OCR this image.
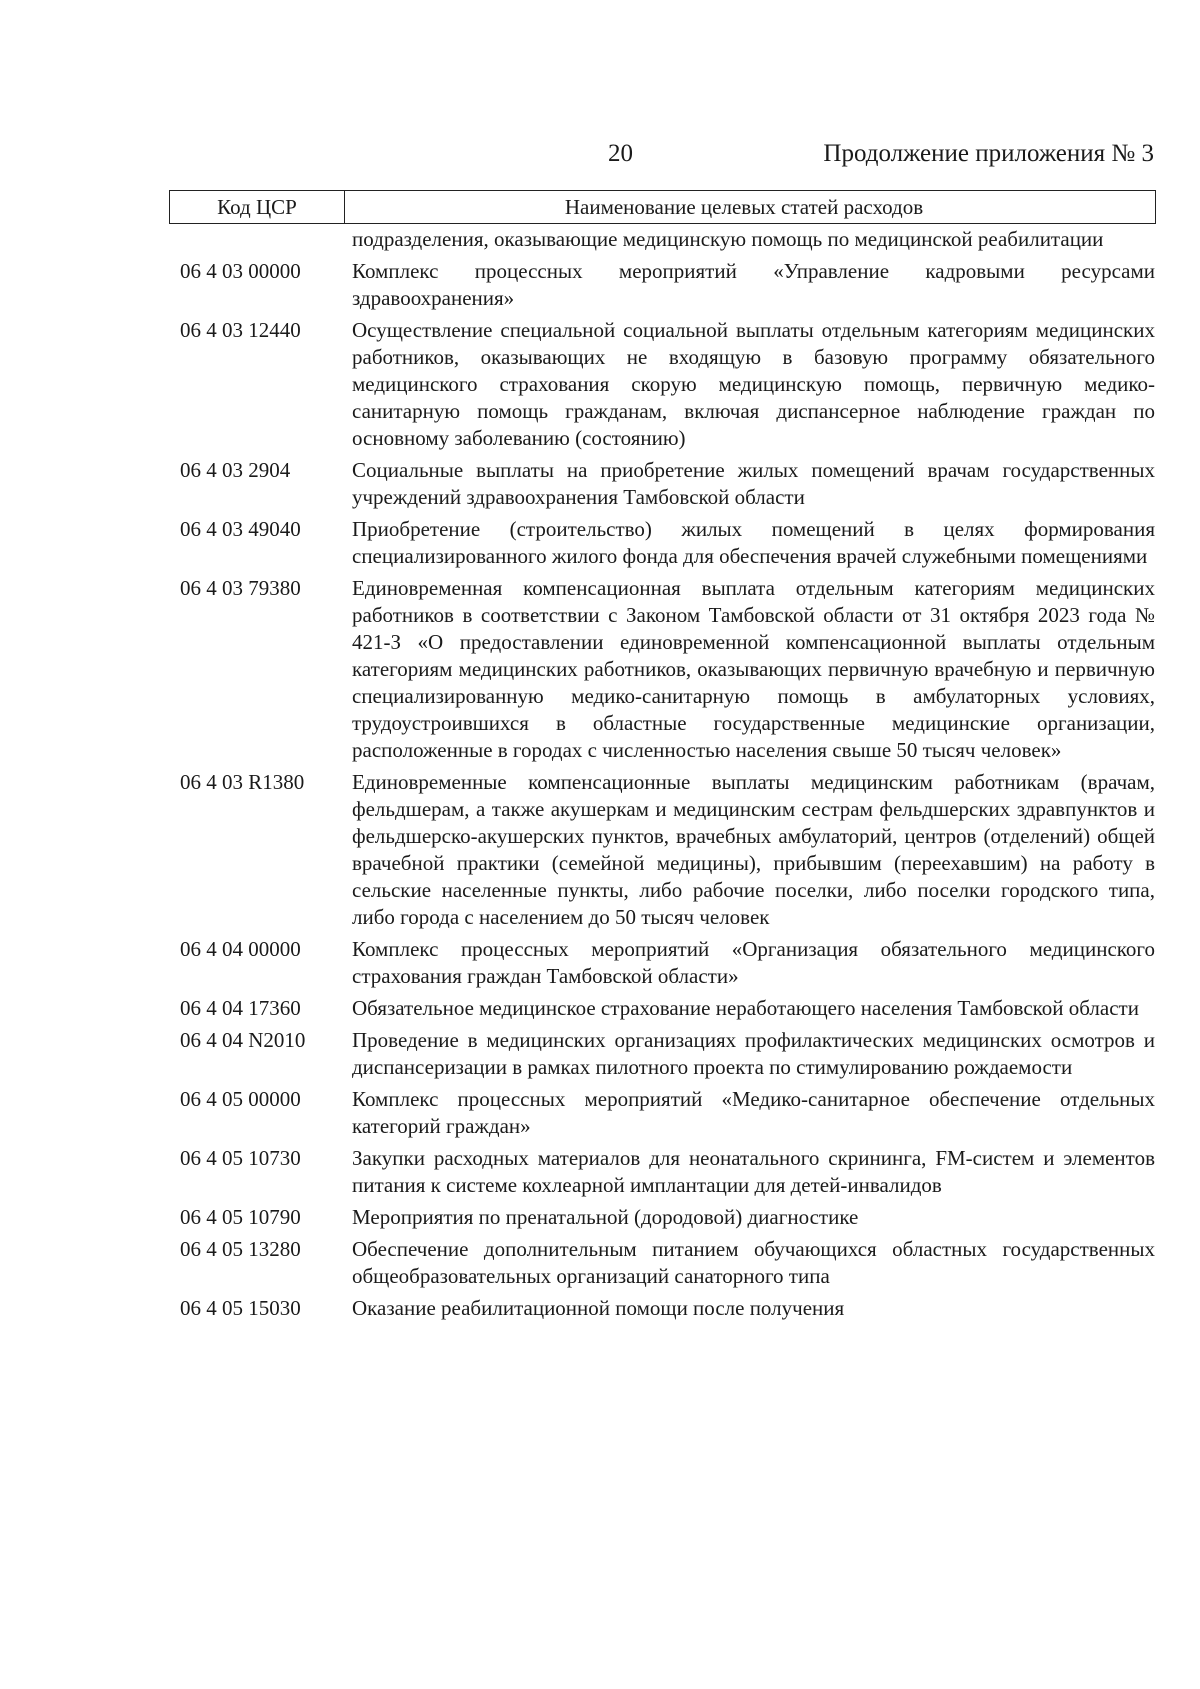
20	Продолжение приложения № 3
Код ЦСР	Наименование целевых статей расходов
подразделения, оказывающие медицинскую помощь по медицинской реабилитации
06 4 03 00000	Комплекс процессных мероприятий «Управление кадровыми ресурсами здравоохранения»
06 4 03 12440	Осуществление специальной социальной выплаты отдельным категориям медицинских работников, оказывающих не входящую в базовую программу обязательного медицинского страхования скорую медицинскую помощь, первичную медико-санитарную помощь гражданам, включая диспансерное наблюдение граждан по основному заболеванию (состоянию)
06 4 03 2904	Социальные выплаты на приобретение жилых помещений врачам государственных учреждений здравоохранения Тамбовской области
06 4 03 49040	Приобретение (строительство) жилых помещений в целях формирования специализированного жилого фонда для обеспечения врачей служебными помещениями
06 4 03 79380	Единовременная компенсационная выплата отдельным категориям медицинских работников в соответствии с Законом Тамбовской области от 31 октября 2023 года № 421-З «О предоставлении единовременной компенсационной выплаты отдельным категориям медицинских работников, оказывающих первичную врачебную и первичную специализированную медико-санитарную помощь в амбулаторных условиях, трудоустроившихся в областные государственные медицинские организации, расположенные в городах с численностью населения свыше 50 тысяч человек»
06 4 03 R1380	Единовременные компенсационные выплаты медицинским работникам (врачам, фельдшерам, а также акушеркам и медицинским сестрам фельдшерских здравпунктов и фельдшерско-акушерских пунктов, врачебных амбулаторий, центров (отделений) общей врачебной практики (семейной медицины), прибывшим (переехавшим) на работу в сельские населенные пункты, либо рабочие поселки, либо поселки городского типа, либо города с населением до 50 тысяч человек
06 4 04 00000	Комплекс процессных мероприятий «Организация обязательного медицинского страхования граждан Тамбовской области»
06 4 04 17360	Обязательное медицинское страхование неработающего населения Тамбовской области
06 4 04 N2010	Проведение в медицинских организациях профилактических медицинских осмотров и диспансеризации в рамках пилотного проекта по стимулированию рождаемости
06 4 05 00000	Комплекс процессных мероприятий «Медико-санитарное обеспечение отдельных категорий граждан»
06 4 05 10730	Закупки расходных материалов для неонатального скрининга, FM-систем и элементов питания к системе кохлеарной имплантации для детей-инвалидов
06 4 05 10790	Мероприятия по пренатальной (дородовой) диагностике
06 4 05 13280	Обеспечение дополнительным питанием обучающихся областных государственных общеобразовательных организаций санаторного типа
06 4 05 15030	Оказание реабилитационной помощи после получения
